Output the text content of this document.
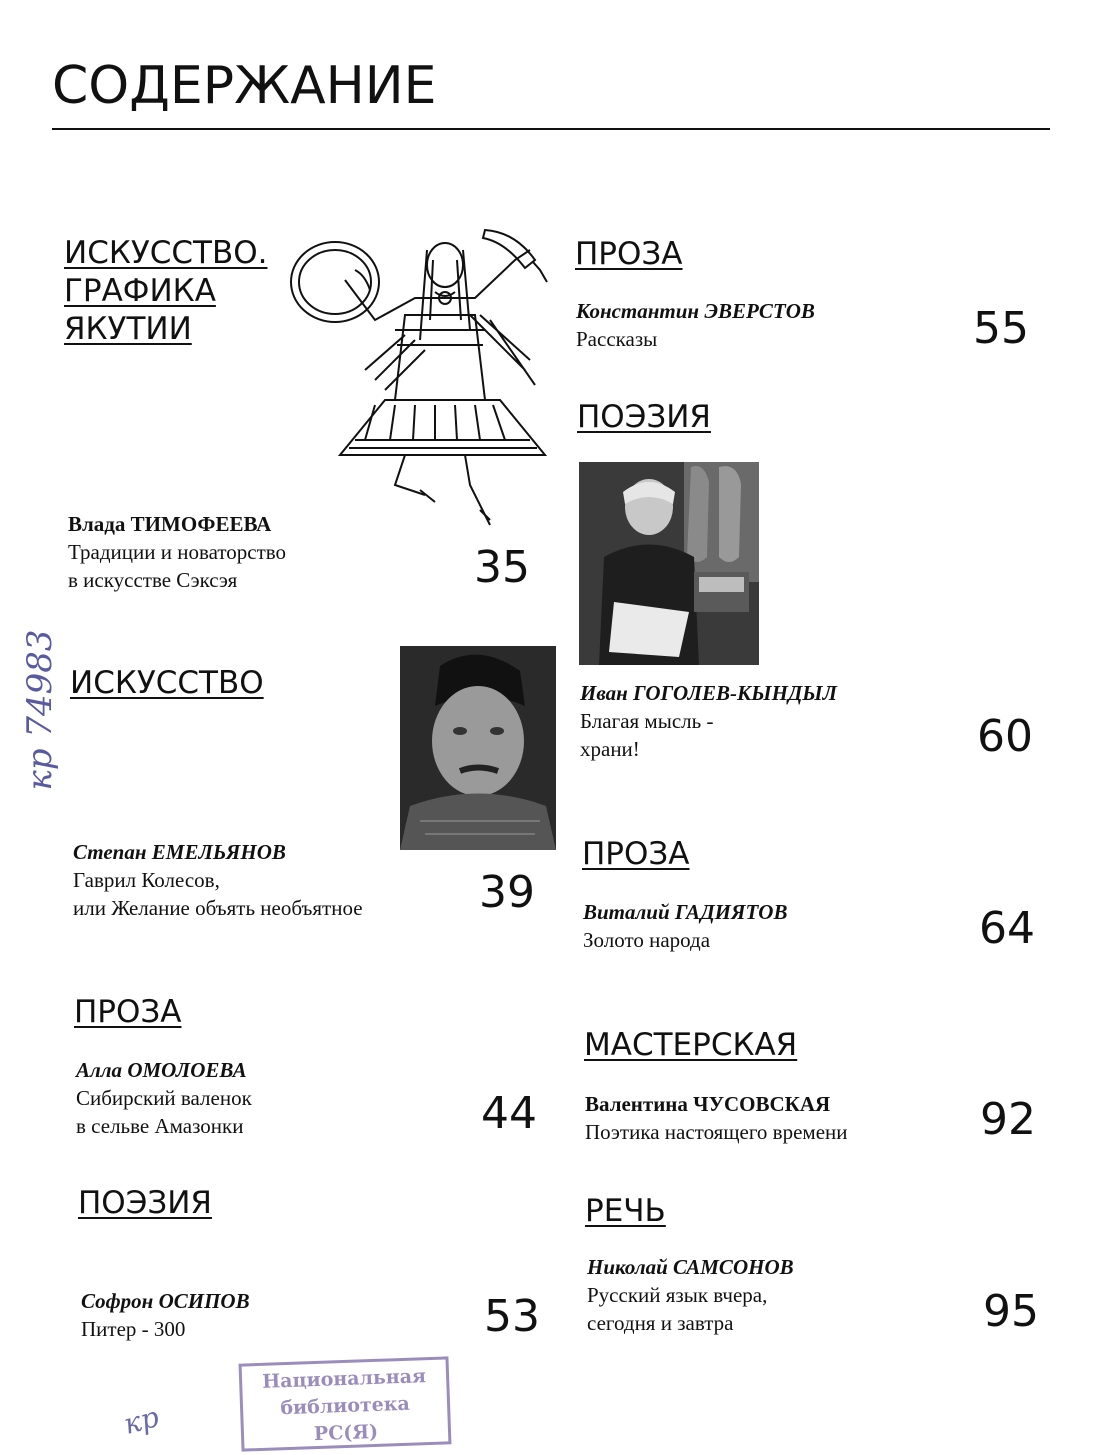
СОДЕРЖАНИЕ
ИСКУССТВО.
ГРАФИКА
ЯКУТИИ
Влада ТИМОФЕЕВА
Традиции и новаторство
в искусстве Сэксэя	35
ИСКУССТВО
Степан ЕМЕЛЬЯНОВ
Гаврил Колесов,
или Желание объять необъятное	39
ПРОЗА
Алла ОМОЛОЕВА
Сибирский валенок
в сельве Амазонки	44
ПОЭЗИЯ
Софрон ОСИПОВ
Питер - 300	53
ПРОЗА
Константин ЭВЕРСТОВ
Рассказы	55
ПОЭЗИЯ
Иван ГОГОЛЕВ-КЫНДЫЛ
Благая мысль -
храни!	60
ПРОЗА
Виталий ГАДИЯТОВ
Золото народа	64
МАСТЕРСКАЯ
Валентина ЧУСОВСКАЯ
Поэтика настоящего времени	92
РЕЧЬ
Николай САМСОНОВ
Русский язык вчера,
сегодня и завтра	95
кр 74983
кр
Национальная
библиотека
РС(Я)
